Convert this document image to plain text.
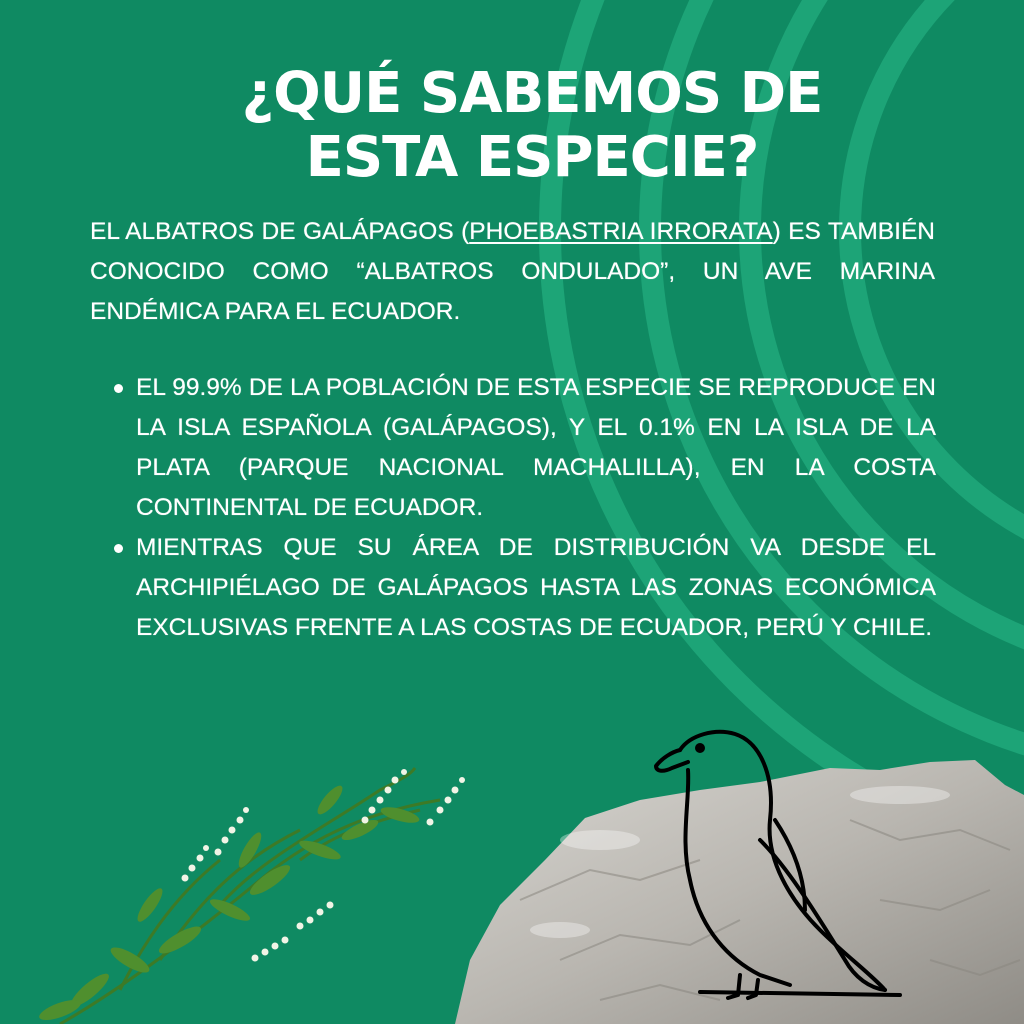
¿QUÉ SABEMOS DE
ESTA ESPECIE?

EL ALBATROS DE GALÁPAGOS (PHOEBASTRIA IRRORATA) ES TAMBIÉN CONOCIDO COMO “ALBATROS ONDULADO”, UN AVE MARINA ENDÉMICA PARA EL ECUADOR.

EL 99.9% DE LA POBLACIÓN DE ESTA ESPECIE SE REPRODUCE EN LA ISLA ESPAÑOLA (GALÁPAGOS), Y EL 0.1% EN LA ISLA DE LA PLATA (PARQUE NACIONAL MACHALILLA), EN LA COSTA CONTINENTAL DE ECUADOR.
MIENTRAS QUE SU ÁREA DE DISTRIBUCIÓN VA DESDE EL ARCHIPIÉLAGO DE GALÁPAGOS HASTA LAS ZONAS ECONÓMICA EXCLUSIVAS FRENTE A LAS COSTAS DE ECUADOR, PERÚ Y CHILE.
